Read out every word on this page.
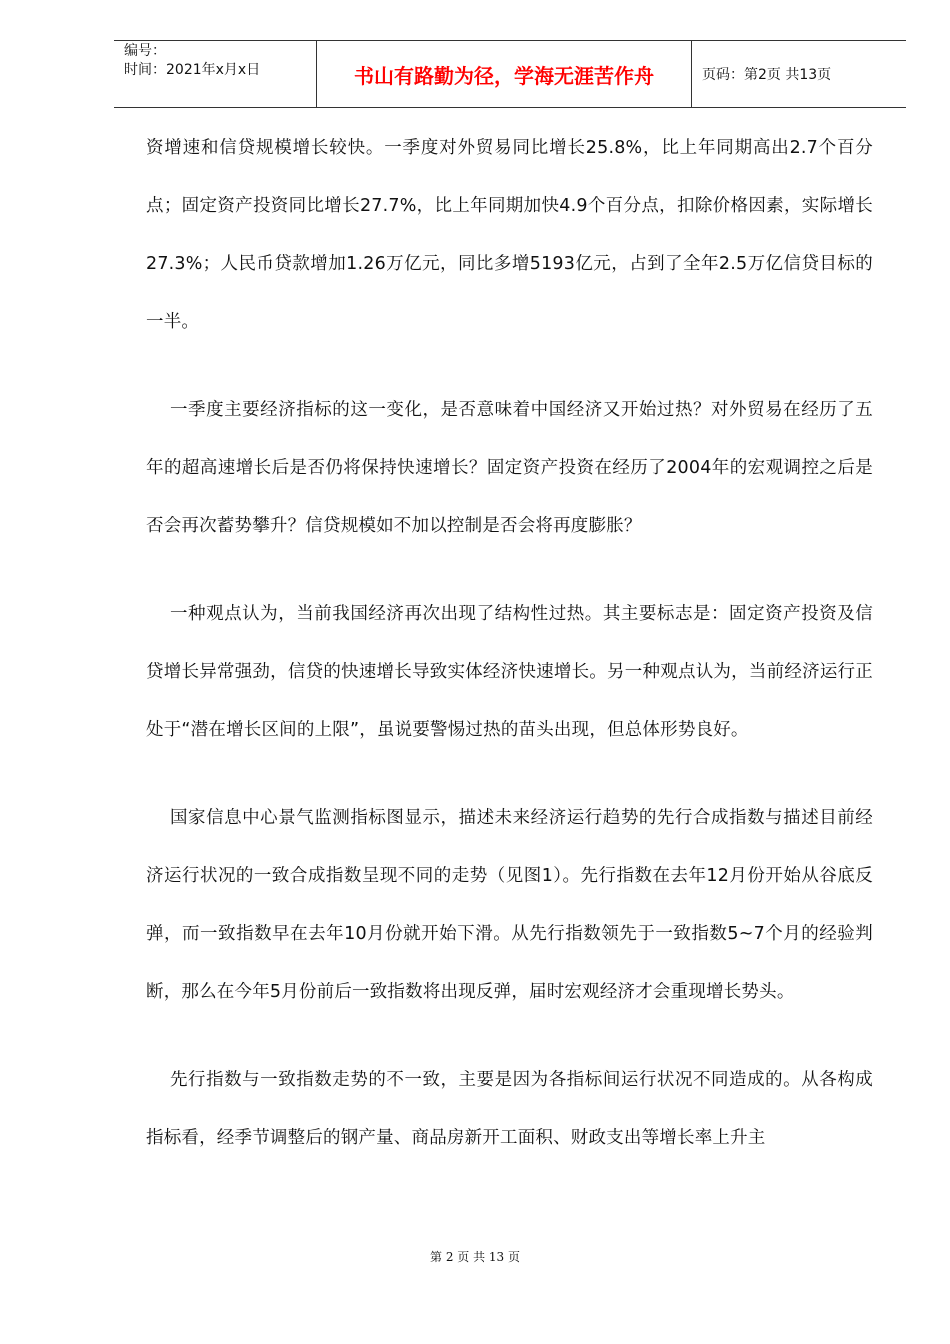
编号：
时间：2021年x月x日	书山有路勤为径，学海无涯苦作舟	页码：第2页 共13页

资增速和信贷规模增长较快。一季度对外贸易同比增长25.8%，比上年同期高出2.7个百分点；固定资产投资同比增长27.7%，比上年同期加快4.9个百分点，扣除价格因素，实际增长27.3%；人民币贷款增加1.26万亿元，同比多增5193亿元，占到了全年2.5万亿信贷目标的一半。

一季度主要经济指标的这一变化，是否意味着中国经济又开始过热？对外贸易在经历了五年的超高速增长后是否仍将保持快速增长？固定资产投资在经历了2004年的宏观调控之后是否会再次蓄势攀升？信贷规模如不加以控制是否会将再度膨胀？

一种观点认为，当前我国经济再次出现了结构性过热。其主要标志是：固定资产投资及信贷增长异常强劲，信贷的快速增长导致实体经济快速增长。另一种观点认为，当前经济运行正处于“潜在增长区间的上限”，虽说要警惕过热的苗头出现，但总体形势良好。

国家信息中心景气监测指标图显示，描述未来经济运行趋势的先行合成指数与描述目前经济运行状况的一致合成指数呈现不同的走势（见图1）。先行指数在去年12月份开始从谷底反弹，而一致指数早在去年10月份就开始下滑。从先行指数领先于一致指数5~7个月的经验判断，那么在今年5月份前后一致指数将出现反弹，届时宏观经济才会重现增长势头。

先行指数与一致指数走势的不一致，主要是因为各指标间运行状况不同造成的。从各构成指标看，经季节调整后的钢产量、商品房新开工面积、财政支出等增长率上升主

第 2 页 共 13 页
